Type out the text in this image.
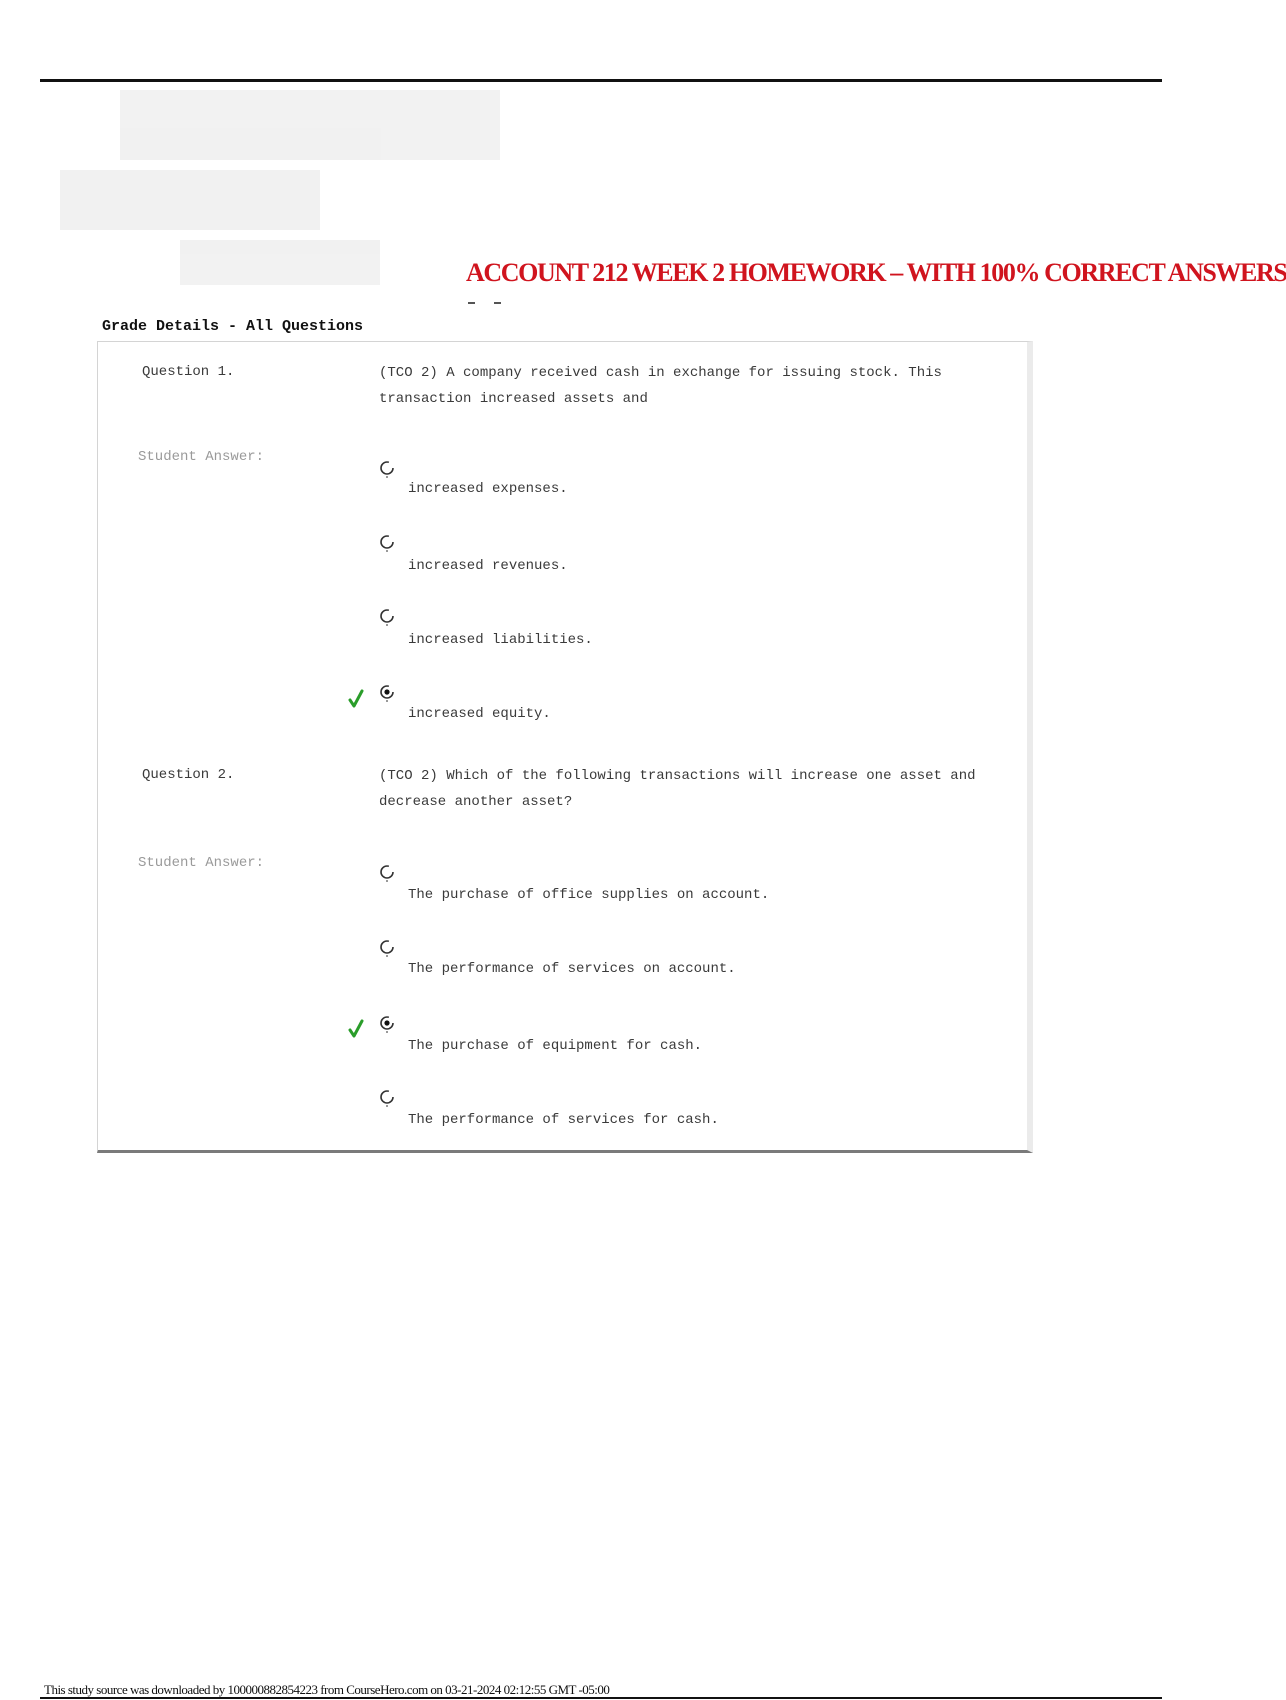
ACCOUNT 212 WEEK 2 HOMEWORK – WITH 100% CORRECT ANSWERS
Grade Details - All Questions
Question 1.	(TCO 2) A company received cash in exchange for issuing stock. This transaction increased assets and
Student Answer:
increased expenses.
increased revenues.
increased liabilities.
increased equity.
Question 2.	(TCO 2) Which of the following transactions will increase one asset and decrease another asset?
Student Answer:
The purchase of office supplies on account.
The performance of services on account.
The purchase of equipment for cash.
The performance of services for cash.
This study source was downloaded by 100000882854223 from CourseHero.com on 03-21-2024 02:12:55 GMT -05:00
